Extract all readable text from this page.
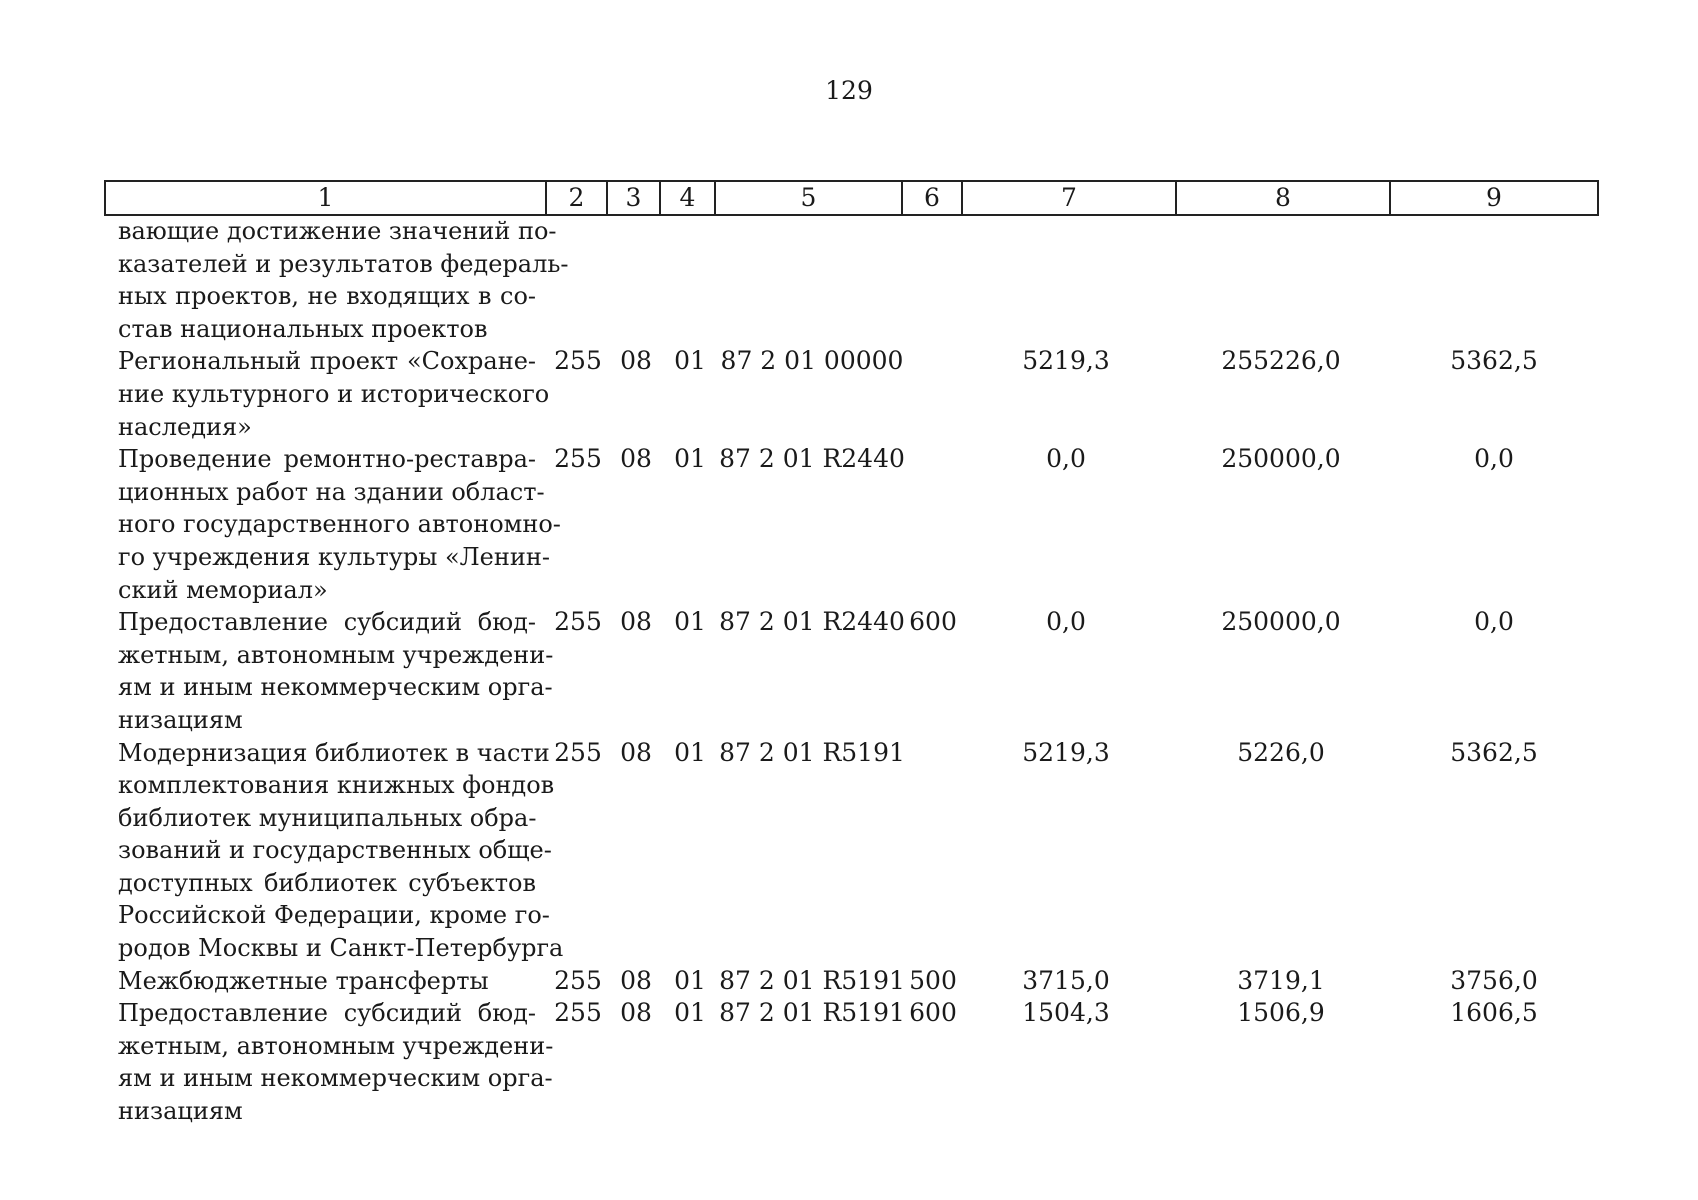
129
1	2	3	4	5	6	7	8	9
вающие достижение значений по-
казателей и результатов федераль-
ных проектов, не входящих в со-
став национальных проектов
Региональный проект «Сохране-
ние культурного и исторического
наследия»
255 08 01 87 2 01 00000	5219,3	255226,0	5362,5
Проведение ремонтно-реставра-
ционных работ на здании област-
ного государственного автономно-
го учреждения культуры «Ленин-
ский мемориал»
255 08 01 87 2 01 R2440	0,0	250000,0	0,0
Предоставление субсидий бюд-
жетным, автономным учреждени-
ям и иным некоммерческим орга-
низациям
255 08 01 87 2 01 R2440 600	0,0	250000,0	0,0
Модернизация библиотек в части
комплектования книжных фондов
библиотек муниципальных обра-
зований и государственных обще-
доступных библиотек субъектов
Российской Федерации, кроме го-
родов Москвы и Санкт-Петербурга
255 08 01 87 2 01 R5191	5219,3	5226,0	5362,5
Межбюджетные трансферты	255 08 01 87 2 01 R5191 500	3715,0	3719,1	3756,0
Предоставление субсидий бюд-
жетным, автономным учреждени-
ям и иным некоммерческим орга-
низациям
255 08 01 87 2 01 R5191 600	1504,3	1506,9	1606,5
